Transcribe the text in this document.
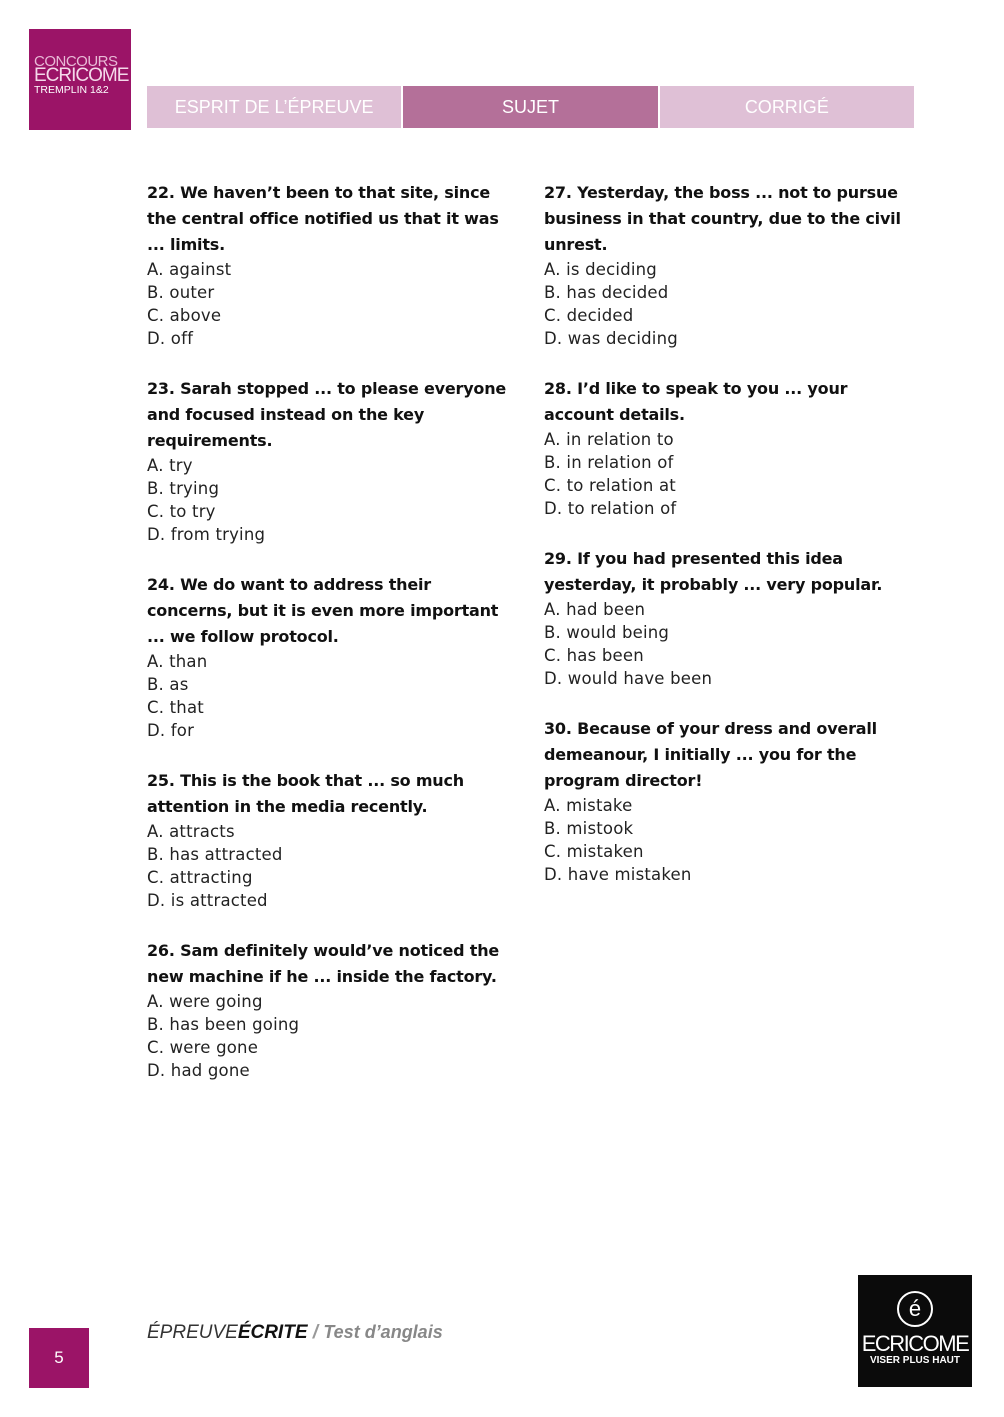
CONCOURS
ECRICOME
TREMPLIN 1&2
ESPRIT DE L’ÉPREUVE	SUJET	CORRIGÉ

22. We haven’t been to that site, since the central office notified us that it was ... limits.

A. against

B. outer

C. above

D. off

23. Sarah stopped ... to please everyone and focused instead on the key requirements.

A. try

B. trying

C. to try

D. from trying

24. We do want to address their concerns, but it is even more important ... we follow protocol.

A. than

B. as

C. that

D. for

25. This is the book that ... so much attention in the media recently.

A. attracts

B. has attracted

C. attracting

D. is attracted

26. Sam definitely would’ve noticed the new machine if he ... inside the factory.

A. were going

B. has been going

C. were gone

D. had gone

27. Yesterday, the boss ... not to pursue business in that country, due to the civil unrest.

A. is deciding

B. has decided

C. decided

D. was deciding

28. I’d like to speak to you ... your account details.

A. in relation to

B. in relation of

C. to relation at

D. to relation of

29. If you had presented this idea yesterday, it probably ... very popular.

A. had been

B. would being

C. has been

D. would have been

30. Because of your dress and overall demeanour, I initially ... you for the program director!

A. mistake

B. mistook

C. mistaken

D. have mistaken

5
ÉPREUVEÉCRITE / Test d’anglais
é
ECRICOME
VISER PLUS HAUT
